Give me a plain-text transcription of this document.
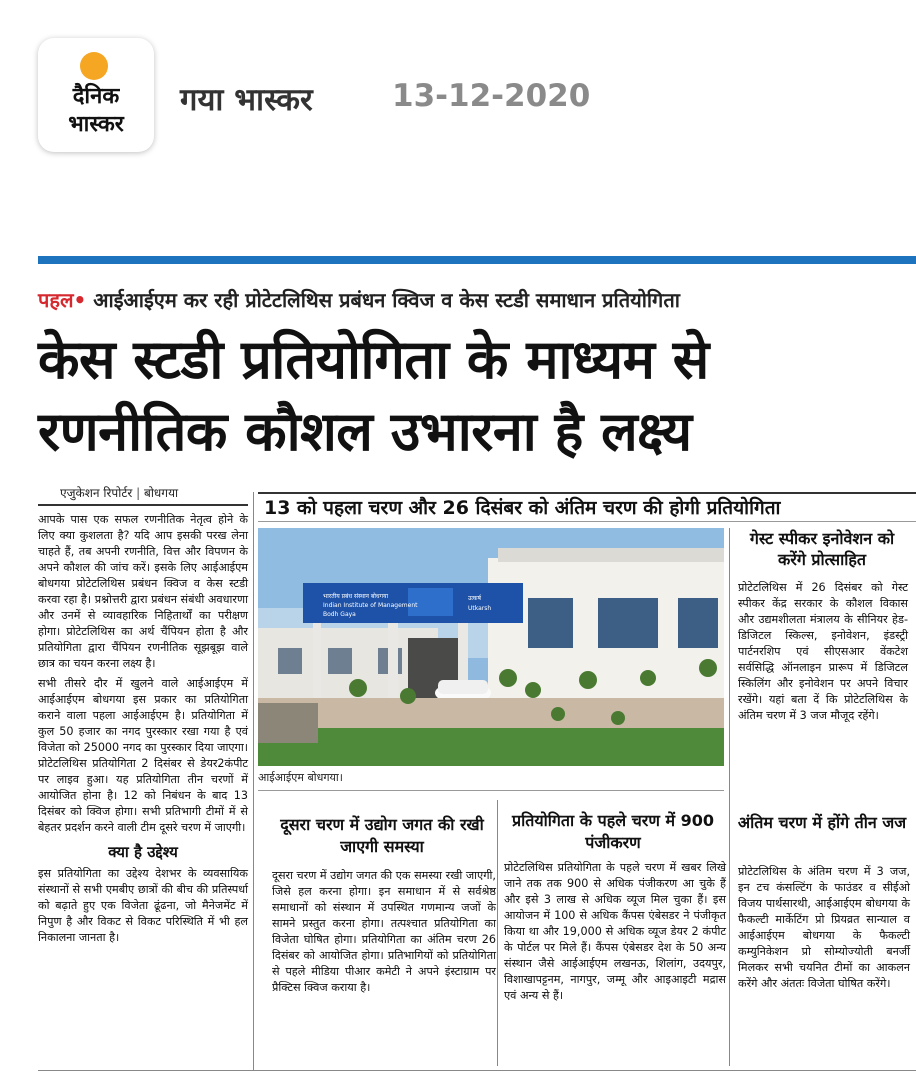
दैनिक
भास्कर
गया भास्कर	13-12-2020
पहल• आईआईएम कर रही प्रोटेटलिथिस प्रबंधन क्विज व केस स्टडी समाधान प्रतियोगिता
केस स्टडी प्रतियोगिता के माध्यम से
रणनीतिक कौशल उभारना है लक्ष्य
एजुकेशन रिपोर्टर | बोधगया

आपके पास एक सफल रणनीतिक नेतृत्व होने के लिए क्या कुशलता है? यदि आप इसकी परख लेना चाहते हैं, तब अपनी रणनीति, वित्त और विपणन के अपने कौशल की जांच करें। इसके लिए आईआईएम बोधगया प्रोटेटलिथिस प्रबंधन क्विज व केस स्टडी करवा रहा है। प्रश्नोत्तरी द्वारा प्रबंधन संबंधी अवधारणा और उनमें से व्यावहारिक निहितार्थों का परीक्षण होगा। प्रोटेटलिथिस का अर्थ चैंपियन होता है और प्रतियोगिता द्वारा चैंपियन रणनीतिक सूझबूझ वाले छात्र का चयन करना लक्ष्य है।

सभी तीसरे दौर में खुलने वाले आईआईएम में आईआईएम बोधगया इस प्रकार का प्रतियोगिता कराने वाला पहला आईआईएम है। प्रतियोगिता में कुल 50 हजार का नगद पुरस्कार रखा गया है एवं विजेता को 25000 नगद का पुरस्कार दिया जाएगा। प्रोटेटलिथिस प्रतियोगिता 2 दिसंबर से डेयर2कंपीट पर लाइव हुआ। यह प्रतियोगिता तीन चरणों में आयोजित होना है। 12 को निबंधन के बाद 13 दिसंबर को क्विज होगा। सभी प्रतिभागी टीमों में से बेहतर प्रदर्शन करने वाली टीम दूसरे चरण में जाएगी।

क्या है उद्देश्य

इस प्रतियोगिता का उद्देश्य देशभर के व्यवसायिक संस्थानों से सभी एमबीए छात्रों की बीच की प्रतिस्पर्धा को बढ़ाते हुए एक विजेता ढूंढना, जो मैनेजमेंट में निपुण है और विकट से विकट परिस्थिति में भी हल निकालना जानता है।

13 को पहला चरण और 26 दिसंबर को अंतिम चरण की होगी प्रतियोगिता
भारतीय प्रबंध संस्थान बोधगया
Indian Institute of Management
Bodh Gaya
उत्कर्ष
Utkarsh
आईआईएम बोधगया।
गेस्ट स्पीकर इनोवेशन को करेंगे प्रोत्साहित
प्रोटेटलिथिस में 26 दिसंबर को गेस्ट स्पीकर केंद्र सरकार के कौशल विकास और उद्यमशीलता मंत्रालय के सीनियर हेड- डिजिटल स्किल्स, इनोवेशन, इंडस्ट्री पार्टनरशिप एवं सीएसआर वेंकटेश सर्वसिद्धि ऑनलाइन प्रारूप में डिजिटल स्किलिंग और इनोवेशन पर अपने विचार रखेंगे। यहां बता दें कि प्रोटेटलिथिस के अंतिम चरण में 3 जज मौजूद रहेंगे।
दूसरा चरण में उद्योग जगत की रखी जाएगी समस्या
दूसरा चरण में उद्योग जगत की एक समस्या रखी जाएगी, जिसे हल करना होगा। इन समाधान में से सर्वश्रेष्ठ समाधानों को संस्थान में उपस्थित गणमान्य जजों के सामने प्रस्तुत करना होगा। तत्पश्चात प्रतियोगिता का विजेता घोषित होगा। प्रतियोगिता का अंतिम चरण 26 दिसंबर को आयोजित होगा। प्रतिभागियों को प्रतियोगिता से पहले मीडिया पीआर कमेटी ने अपने इंस्टाग्राम पर प्रैक्टिस क्विज कराया है।
प्रतियोगिता के पहले चरण में 900 पंजीकरण
प्रोटेटलिथिस प्रतियोगिता के पहले चरण में खबर लिखे जाने तक तक 900 से अधिक पंजीकरण आ चुके हैं और इसे 3 लाख से अधिक व्यूज मिल चुका हैं। इस आयोजन में 100 से अधिक कैंपस एंबेसडर ने पंजीकृत किया था और 19,000 से अधिक व्यूज डेयर 2 कंपीट के पोर्टल पर मिले हैं। कैंपस एंबेसडर देश के 50 अन्य संस्थान जैसे आईआईएम लखनऊ, शिलांग, उदयपुर, विशाखापट्टनम, नागपुर, जम्मू और आइआइटी मद्रास एवं अन्य से हैं।
अंतिम चरण में होंगे तीन जज
प्रोटेटलिथिस के अंतिम चरण में 3 जज, इन टच कंसल्टिंग के फाउंडर व सीईओ विजय पार्थसारथी, आईआईएम बोधगया के फैकल्टी मार्केटिंग प्रो प्रियव्रत सान्याल व आईआईएम बोधगया के फैकल्टी कम्युनिकेशन प्रो सोम्योज्योती बनर्जी मिलकर सभी चयनित टीमों का आकलन करेंगे और अंततः विजेता घोषित करेंगे।
